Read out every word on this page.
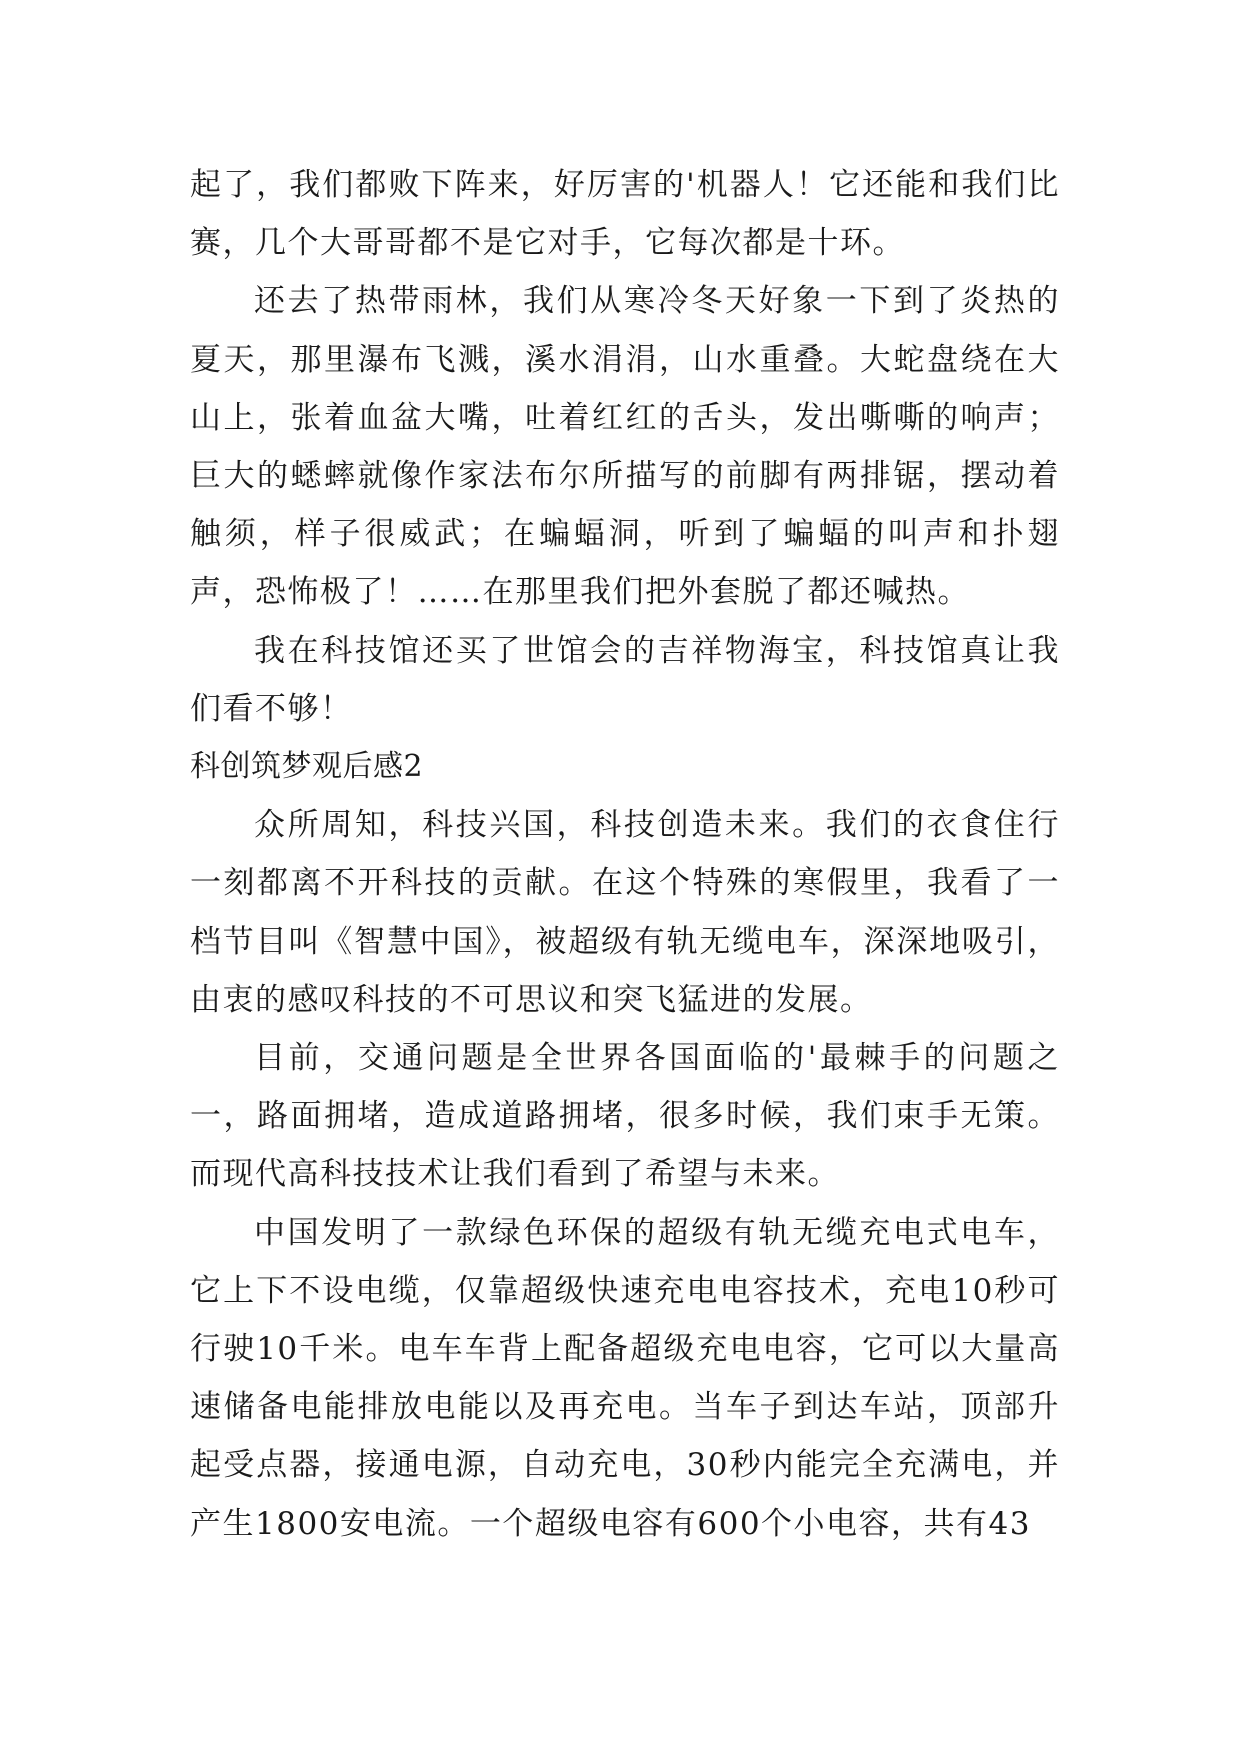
起了，我们都败下阵来，好厉害的'机器人！它还能和我们比赛，几个大哥哥都不是它对手，它每次都是十环。

还去了热带雨林，我们从寒冷冬天好象一下到了炎热的夏天，那里瀑布飞溅，溪水涓涓，山水重叠。大蛇盘绕在大山上，张着血盆大嘴，吐着红红的舌头，发出嘶嘶的响声；巨大的蟋蟀就像作家法布尔所描写的前脚有两排锯，摆动着触须，样子很威武；在蝙蝠洞，听到了蝙蝠的叫声和扑翅声，恐怖极了！……在那里我们把外套脱了都还喊热。

我在科技馆还买了世馆会的吉祥物海宝，科技馆真让我们看不够！

科创筑梦观后感2

众所周知，科技兴国，科技创造未来。我们的衣食住行一刻都离不开科技的贡献。在这个特殊的寒假里，我看了一档节目叫《智慧中国》，被超级有轨无缆电车，深深地吸引，由衷的感叹科技的不可思议和突飞猛进的发展。

目前，交通问题是全世界各国面临的'最棘手的问题之一，路面拥堵，造成道路拥堵，很多时候，我们束手无策。而现代高科技技术让我们看到了希望与未来。

中国发明了一款绿色环保的超级有轨无缆充电式电车，它上下不设电缆，仅靠超级快速充电电容技术，充电10秒可行驶10千米。电车车背上配备超级充电电容，它可以大量高速储备电能排放电能以及再充电。当车子到达车站，顶部升起受点器，接通电源，自动充电，30秒内能完全充满电，并产生1800安电流。一个超级电容有600个小电容，共有43
